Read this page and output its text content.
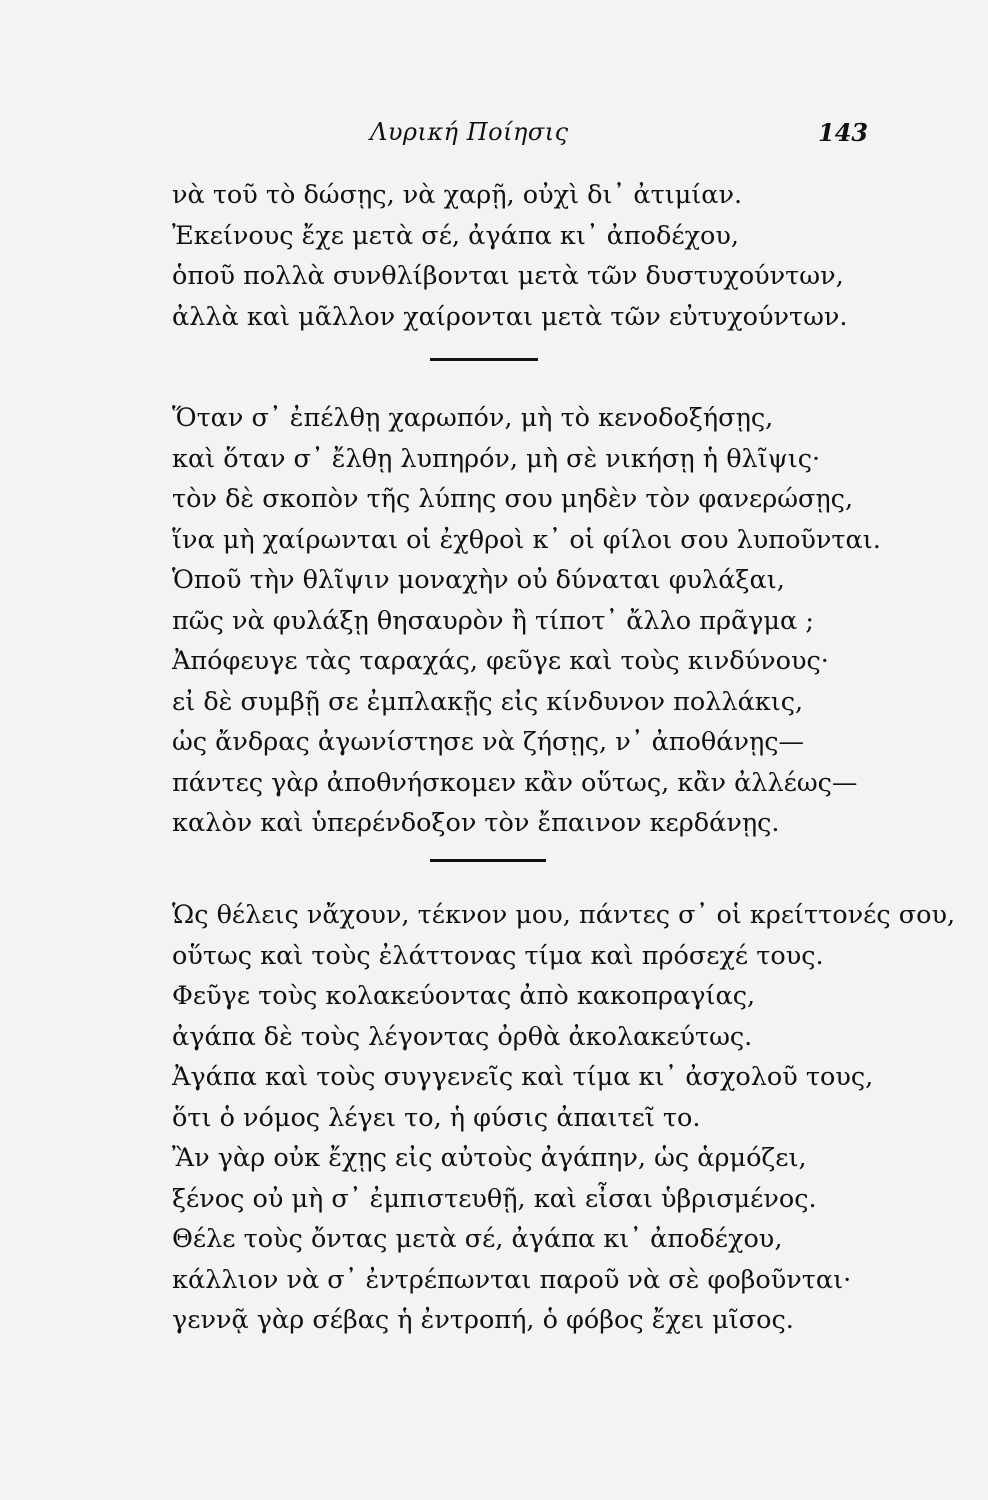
Λυρική Ποίησις	143
νὰ τοῦ τὸ δώσῃς, νὰ χαρῇ, οὐχὶ δι᾽ ἀτιμίαν.
Ἐκείνους ἔχε μετὰ σέ, ἀγάπα κι᾽ ἀποδέχου,
ὁποῦ πολλὰ συνθλίβονται μετὰ τῶν δυστυχούντων,
ἀλλὰ καὶ μᾶλλον χαίρονται μετὰ τῶν εὐτυχούντων.
Ὅταν σ᾽ ἐπέλθῃ χαρωπόν, μὴ τὸ κενοδοξήσῃς,
καὶ ὅταν σ᾽ ἔλθῃ λυπηρόν, μὴ σὲ νικήσῃ ἡ θλῖψις·
τὸν δὲ σκοπὸν τῆς λύπης σου μηδὲν τὸν φανερώσῃς,
ἵνα μὴ χαίρωνται οἱ ἐχθροὶ κ᾽ οἱ φίλοι σου λυποῦνται.
Ὁποῦ τὴν θλῖψιν μοναχὴν οὐ δύναται φυλάξαι,
πῶς νὰ φυλάξῃ θησαυρὸν ἢ τίποτ᾽ ἄλλο πρᾶγμα ;
Ἀπόφευγε τὰς ταραχάς, φεῦγε καὶ τοὺς κινδύνους·
εἰ δὲ συμβῇ σε ἐμπλακῇς εἰς κίνδυνον πολλάκις,
ὡς ἄνδρας ἀγωνίστησε νὰ ζήσῃς, ν᾽ ἀποθάνῃς—
πάντες γὰρ ἀποθνήσκομεν κἂν οὕτως, κἂν ἀλλέως—
καλὸν καὶ ὑπερένδοξον τὸν ἔπαινον κερδάνῃς.
Ὡς θέλεις νἄχουν, τέκνον μου, πάντες σ᾽ οἱ κρείττονές σου,
οὕτως καὶ τοὺς ἐλάττονας τίμα καὶ πρόσεχέ τους.
Φεῦγε τοὺς κολακεύοντας ἀπὸ κακοπραγίας,
ἀγάπα δὲ τοὺς λέγοντας ὀρθὰ ἀκολακεύτως.
Ἀγάπα καὶ τοὺς συγγενεῖς καὶ τίμα κι᾽ ἀσχολοῦ τους,
ὅτι ὁ νόμος λέγει το, ἡ φύσις ἀπαιτεῖ το.
Ἂν γὰρ οὐκ ἔχῃς εἰς αὐτοὺς ἀγάπην, ὡς ἁρμόζει,
ξένος οὐ μὴ σ᾽ ἐμπιστευθῇ, καὶ εἶσαι ὑβρισμένος.
Θέλε τοὺς ὄντας μετὰ σέ, ἀγάπα κι᾽ ἀποδέχου,
κάλλιον νὰ σ᾽ ἐντρέπωνται παροῦ νὰ σὲ φοβοῦνται·
γεννᾷ γὰρ σέβας ἡ ἐντροπή, ὁ φόβος ἔχει μῖσος.
